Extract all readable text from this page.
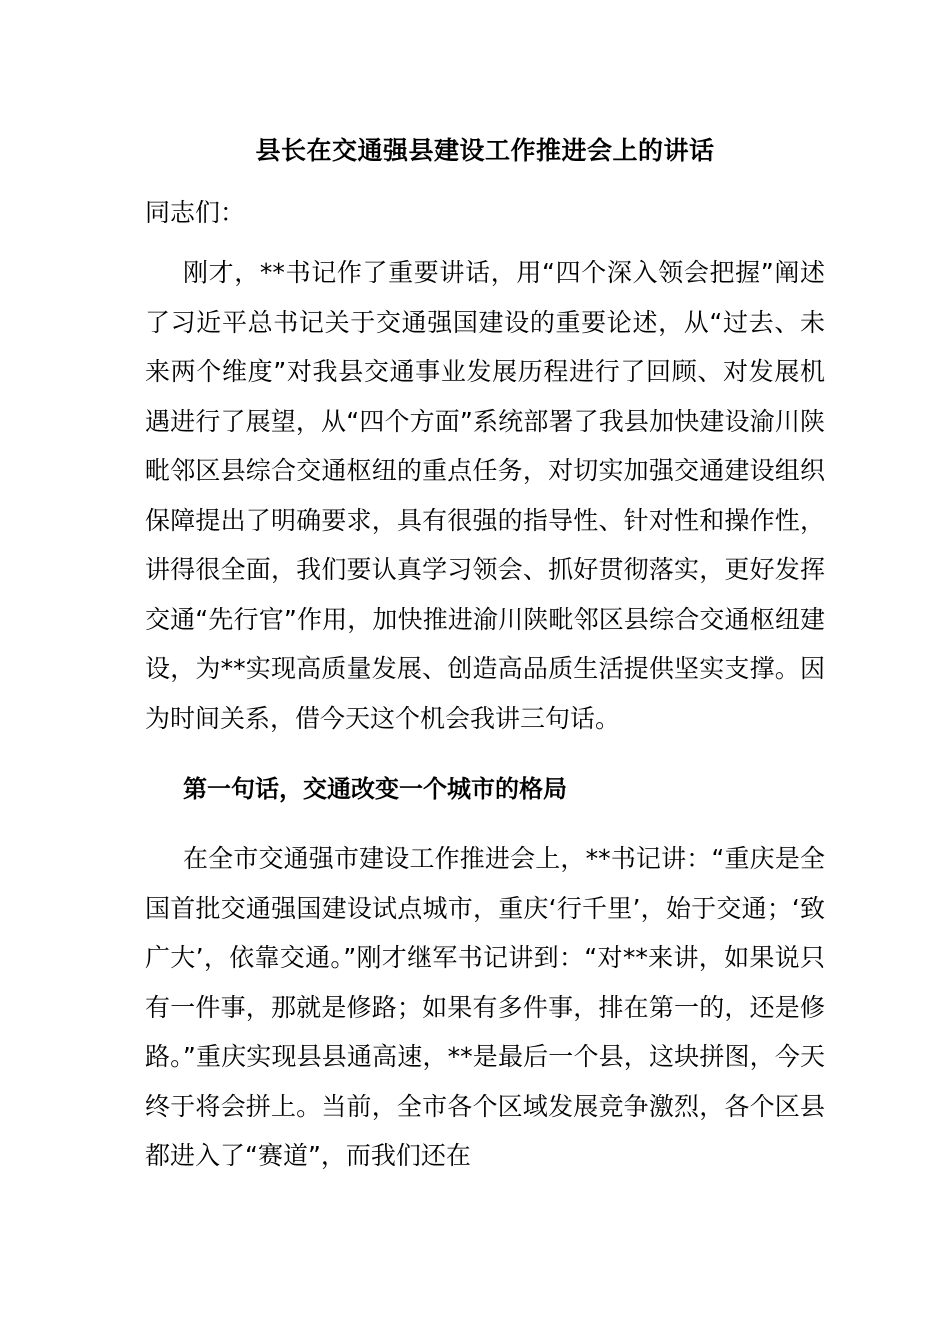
县长在交通强县建设工作推进会上的讲话
同志们：

刚才，**书记作了重要讲话，用“四个深入领会把握”阐述了习近平总书记关于交通强国建设的重要论述，从“过去、未来两个维度”对我县交通事业发展历程进行了回顾、对发展机遇进行了展望，从“四个方面”系统部署了我县加快建设渝川陕毗邻区县综合交通枢纽的重点任务，对切实加强交通建设组织保障提出了明确要求，具有很强的指导性、针对性和操作性，讲得很全面，我们要认真学习领会、抓好贯彻落实，更好发挥交通“先行官”作用，加快推进渝川陕毗邻区县综合交通枢纽建设，为**实现高质量发展、创造高品质生活提供坚实支撑。因为时间关系，借今天这个机会我讲三句话。

第一句话，交通改变一个城市的格局

在全市交通强市建设工作推进会上，**书记讲：“重庆是全国首批交通强国建设试点城市，重庆‘行千里’，始于交通；‘致广大’，依靠交通。”刚才继军书记讲到：“对**来讲，如果说只有一件事，那就是修路；如果有多件事，排在第一的，还是修路。”重庆实现县县通高速，**是最后一个县，这块拼图，今天终于将会拼上。当前，全市各个区域发展竞争激烈，各个区县都进入了“赛道”，而我们还在
